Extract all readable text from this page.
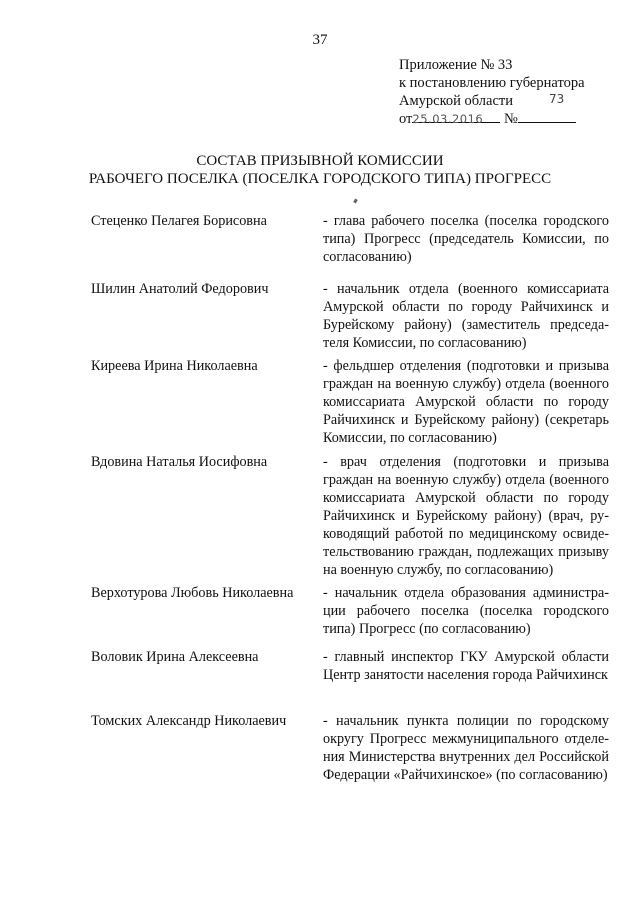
37
Приложение № 33
к постановлению губернатора
Амурской области
от25.03.2016 №
73
СОСТАВ ПРИЗЫВНОЙ КОМИССИИ
РАБОЧЕГО ПОСЕЛКА (ПОСЕЛКА ГОРОДСКОГО ТИПА) ПРОГРЕСС
Стеценко Пелагея Борисовна	- глава рабочего поселка (поселка городского типа) Прогресс (председатель Комиссии, по согласованию)
Шилин Анатолий Федорович	- начальник отдела (военного комиссариата Амурской области по городу Райчихинск и Бурейскому району) (заместитель председателя Комиссии, по согласованию)
Киреева Ирина Николаевна	- фельдшер отделения (подготовки и призыва граждан на военную службу) отдела (военного комиссариата Амурской области по городу Райчихинск и Бурейскому району) (секретарь Комиссии, по согласованию)
Вдовина Наталья Иосифовна	- врач отделения (подготовки и призыва граждан на военную службу) отдела (военного комиссариата Амурской области по городу Райчихинск и Бурейскому району) (врач, руководящий работой по медицинскому освидетельствованию граждан, подлежащих призыву на военную службу, по согласованию)
Верхотурова Любовь Николаевна	- начальник отдела образования администрации рабочего поселка (поселка городского типа) Прогресс (по согласованию)
Воловик Ирина Алексеевна	- главный инспектор ГКУ Амурской области Центр занятости населения города Райчихинск
Томских Александр Николаевич	- начальник пункта полиции по городскому округу Прогресс межмуниципального отделения Министерства внутренних дел Российской Федерации «Райчихинское» (по согласованию)
